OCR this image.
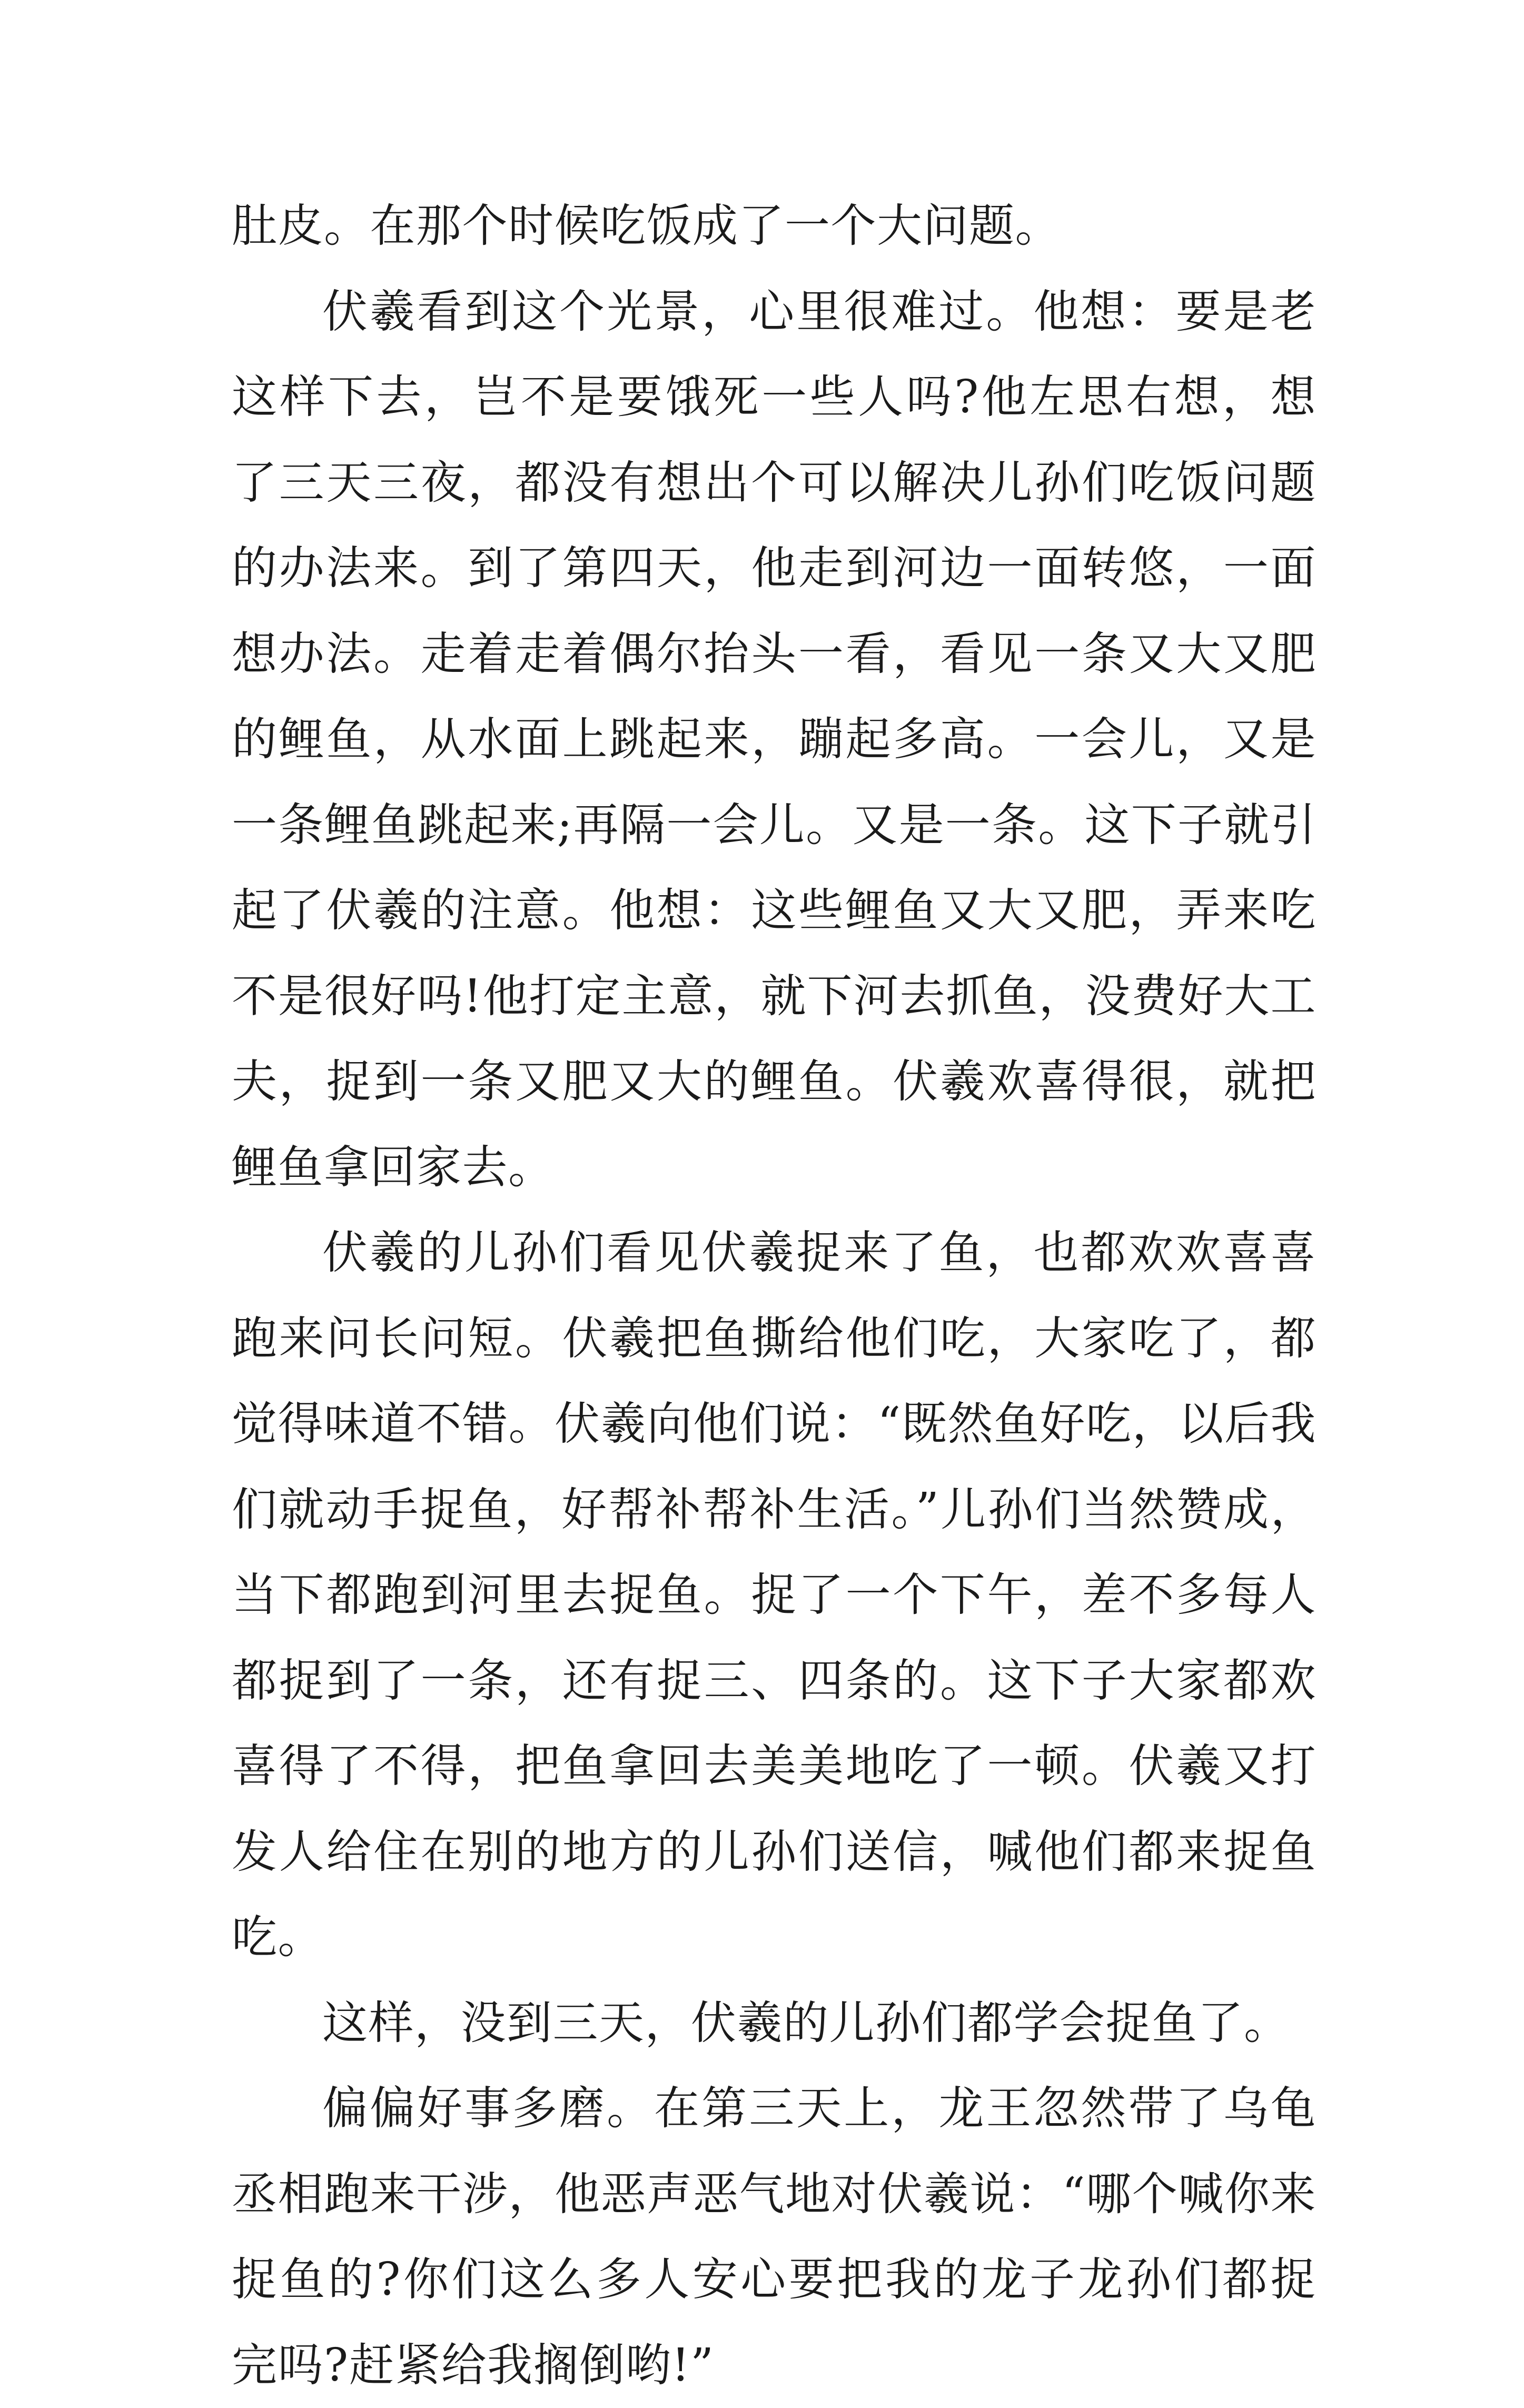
肚皮。在那个时候吃饭成了一个大问题。

伏羲看到这个光景，心里很难过。他想：要是老这样下去，岂不是要饿死一些人吗?他左思右想，想了三天三夜，都没有想出个可以解决儿孙们吃饭问题的办法来。到了第四天，他走到河边一面转悠，一面想办法。走着走着偶尔抬头一看，看见一条又大又肥的鲤鱼，从水面上跳起来，蹦起多高。一会儿，又是一条鲤鱼跳起来;再隔一会儿。又是一条。这下子就引起了伏羲的注意。他想：这些鲤鱼又大又肥，弄来吃不是很好吗!他打定主意，就下河去抓鱼，没费好大工夫，捉到一条又肥又大的鲤鱼。伏羲欢喜得很，就把鲤鱼拿回家去。

伏羲的儿孙们看见伏羲捉来了鱼，也都欢欢喜喜跑来问长问短。伏羲把鱼撕给他们吃，大家吃了，都觉得味道不错。伏羲向他们说：“既然鱼好吃，以后我们就动手捉鱼，好帮补帮补生活。”儿孙们当然赞成，当下都跑到河里去捉鱼。捉了一个下午，差不多每人都捉到了一条，还有捉三、四条的。这下子大家都欢喜得了不得，把鱼拿回去美美地吃了一顿。伏羲又打发人给住在别的地方的儿孙们送信，喊他们都来捉鱼吃。

这样，没到三天，伏羲的儿孙们都学会捉鱼了。

偏偏好事多磨。在第三天上，龙王忽然带了乌龟丞相跑来干涉，他恶声恶气地对伏羲说：“哪个喊你来捉鱼的?你们这么多人安心要把我的龙子龙孙们都捉完吗?赶紧给我搁倒哟!”
